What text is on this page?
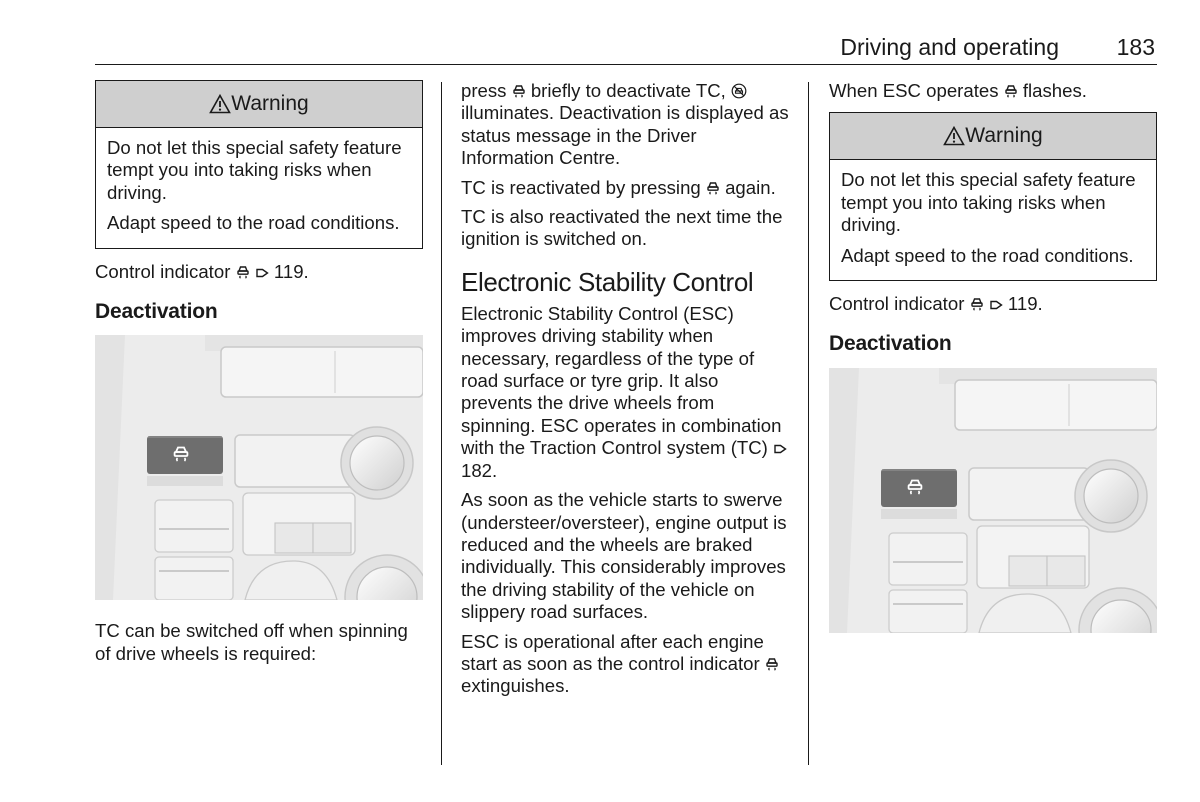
Driving and operating	183
Warning

Do not let this special safety feature tempt you into taking risks when driving.

Adapt speed to the road conditions.

Control indicator 119.

Deactivation

TC can be switched off when spinning of drive wheels is required:

press briefly to deactivate TC,  illuminates. Deactivation is displayed as status message in the Driver Information Centre.

TC is reactivated by pressing again.

TC is also reactivated the next time the ignition is switched on.

Electronic Stability Control

Electronic Stability Control (ESC) improves driving stability when necessary, regardless of the type of road surface or tyre grip. It also prevents the drive wheels from spinning. ESC operates in combination with the Traction Control system (TC)  182.

As soon as the vehicle starts to swerve (understeer/oversteer), engine output is reduced and the wheels are braked individually. This considerably improves the driving stability of the vehicle on slippery road surfaces.

ESC is operational after each engine start as soon as the control indicator  extinguishes.

When ESC operates flashes.

Warning

Do not let this special safety feature tempt you into taking risks when driving.

Adapt speed to the road conditions.

Control indicator 119.

Deactivation
